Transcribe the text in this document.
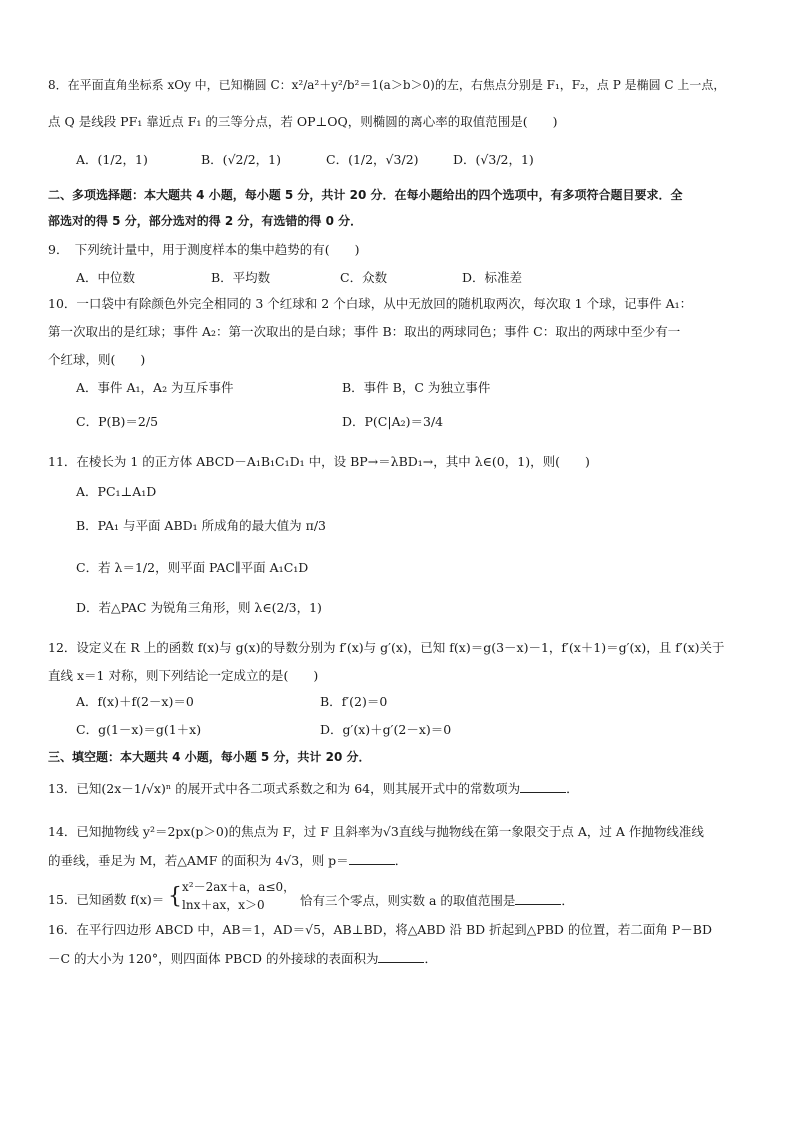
8．在平面直角坐标系 xOy 中，已知椭圆 C：x²/a²＋y²/b²＝1(a＞b＞0)的左，右焦点分别是 F₁，F₂，点 P 是椭圆 C 上一点，
点 Q 是线段 PF₁ 靠近点 F₁ 的三等分点，若 OP⊥OQ，则椭圆的离心率的取值范围是(　　)
A．(1/2，1)	B．(√2/2，1)	C．(1/2，√3/2)	D．(√3/2，1)
二、多项选择题：本大题共 4 小题，每小题 5 分，共计 20 分．在每小题给出的四个选项中，有多项符合题目要求．全
部选对的得 5 分，部分选对的得 2 分，有选错的得 0 分．
9．　下列统计量中，用于测度样本的集中趋势的有(　　)
A．中位数	B．平均数	C．众数	D．标准差
10．一口袋中有除颜色外完全相同的 3 个红球和 2 个白球，从中无放回的随机取两次，每次取 1 个球，记事件 A₁：
第一次取出的是红球；事件 A₂：第一次取出的是白球；事件 B：取出的两球同色；事件 C：取出的两球中至少有一
个红球，则(　　)
A．事件 A₁，A₂ 为互斥事件	B．事件 B，C 为独立事件
C．P(B)＝2/5	D．P(C|A₂)＝3/4
11．在棱长为 1 的正方体 ABCD－A₁B₁C₁D₁ 中，设 BP→＝λBD₁→，其中 λ∈(0，1)，则(　　)
A．PC₁⊥A₁D
B．PA₁ 与平面 ABD₁ 所成角的最大值为 π/3
C．若 λ＝1/2，则平面 PAC∥平面 A₁C₁D
D．若△PAC 为锐角三角形，则 λ∈(2/3，1)
12．设定义在 R 上的函数 f(x)与 g(x)的导数分别为 f′(x)与 g′(x)，已知 f(x)＝g(3－x)－1，f′(x＋1)＝g′(x)，且 f′(x)关于
直线 x＝1 对称，则下列结论一定成立的是(　　)
A．f(x)＋f(2－x)＝0	B．f′(2)＝0
C．g(1－x)＝g(1＋x)	D．g′(x)＋g′(2－x)＝0
三、填空题：本大题共 4 小题，每小题 5 分，共计 20 分．
13．已知(2x－1/√x)ⁿ 的展开式中各二项式系数之和为 64，则其展开式中的常数项为	．
14．已知抛物线 y²＝2px(p＞0)的焦点为 F，过 F 且斜率为√3直线与抛物线在第一象限交于点 A，过 A 作抛物线准线
的垂线，垂足为 M，若△AMF 的面积为 4√3，则 p＝	．
15．已知函数 f(x)＝ { x²－2ax＋a，a≤0，
lnx＋ax，x＞0	恰有三个零点，则实数 a 的取值范围是	．
16．在平行四边形 ABCD 中，AB＝1，AD＝√5，AB⊥BD，将△ABD 沿 BD 折起到△PBD 的位置，若二面角 P－BD
－C 的大小为 120°，则四面体 PBCD 的外接球的表面积为	．
